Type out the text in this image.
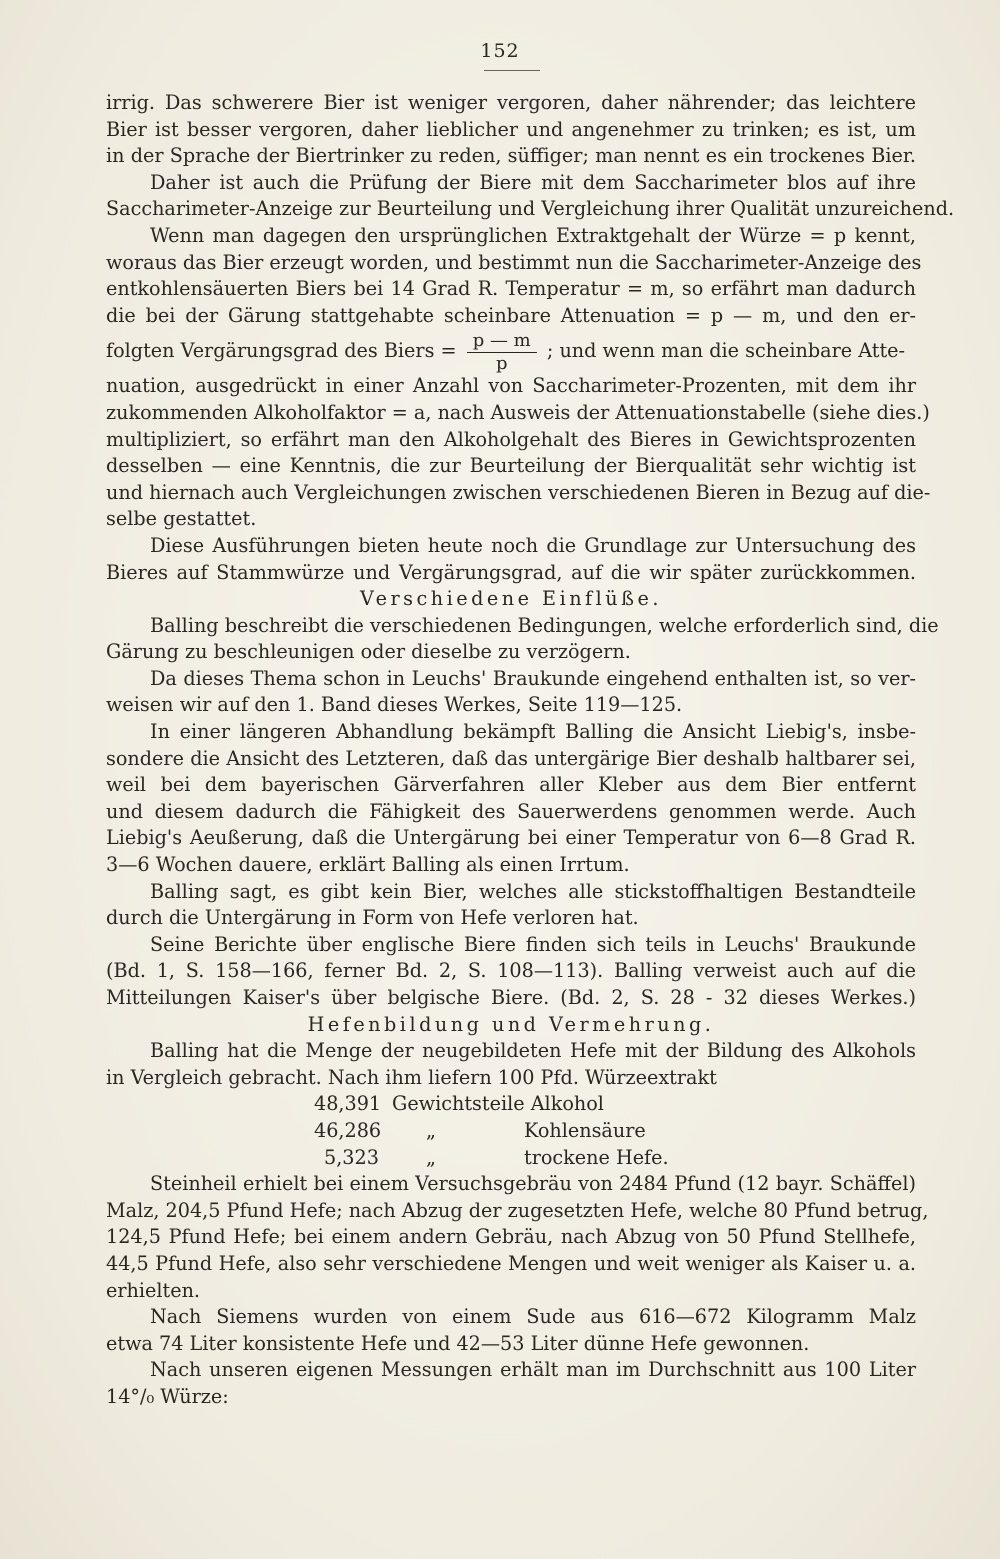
152
irrig. Das schwerere Bier ist weniger vergoren, daher nährender; das leichtere
Bier ist besser vergoren, daher lieblicher und angenehmer zu trinken; es ist, um
in der Sprache der Biertrinker zu reden, süffiger; man nennt es ein trockenes Bier.
Daher ist auch die Prüfung der Biere mit dem Saccharimeter blos auf ihre
Saccharimeter-Anzeige zur Beurteilung und Vergleichung ihrer Qualität unzureichend.
Wenn man dagegen den ursprünglichen Extraktgehalt der Würze = p kennt,
woraus das Bier erzeugt worden, und bestimmt nun die Saccharimeter-Anzeige des
entkohlensäuerten Biers bei 14 Grad R. Temperatur = m, so erfährt man dadurch
die bei der Gärung stattgehabte scheinbare Attenuation = p — m, und den er-
folgten Vergärungsgrad des Biers = $\frac{p — m}{p}$ ; und wenn man die scheinbare Atte-
nuation, ausgedrückt in einer Anzahl von Saccharimeter-Prozenten, mit dem ihr
zukommenden Alkoholfaktor = a, nach Ausweis der Attenuationstabelle (siehe dies.)
multipliziert, so erfährt man den Alkoholgehalt des Bieres in Gewichtsprozenten
desselben — eine Kenntnis, die zur Beurteilung der Bierqualität sehr wichtig ist
und hiernach auch Vergleichungen zwischen verschiedenen Bieren in Bezug auf die-
selbe gestattet.
Diese Ausführungen bieten heute noch die Grundlage zur Untersuchung des
Bieres auf Stammwürze und Vergärungsgrad, auf die wir später zurückkommen.
Verschiedene Einflüße.
Balling beschreibt die verschiedenen Bedingungen, welche erforderlich sind, die
Gärung zu beschleunigen oder dieselbe zu verzögern.
Da dieses Thema schon in Leuchs' Braukunde eingehend enthalten ist, so ver-
weisen wir auf den 1. Band dieses Werkes, Seite 119—125.
In einer längeren Abhandlung bekämpft Balling die Ansicht Liebig's, insbe-
sondere die Ansicht des Letzteren, daß das untergärige Bier deshalb haltbarer sei,
weil bei dem bayerischen Gärverfahren aller Kleber aus dem Bier entfernt
und diesem dadurch die Fähigkeit des Sauerwerdens genommen werde. Auch
Liebig's Aeußerung, daß die Untergärung bei einer Temperatur von 6—8 Grad R.
3—6 Wochen dauere, erklärt Balling als einen Irrtum.
Balling sagt, es gibt kein Bier, welches alle stickstoffhaltigen Bestandteile
durch die Untergärung in Form von Hefe verloren hat.
Seine Berichte über englische Biere finden sich teils in Leuchs' Braukunde
(Bd. 1, S. 158—166, ferner Bd. 2, S. 108—113). Balling verweist auch auf die
Mitteilungen Kaiser's über belgische Biere. (Bd. 2, S. 28 - 32 dieses Werkes.)
Hefenbildung und Vermehrung.
Balling hat die Menge der neugebildeten Hefe mit der Bildung des Alkohols
in Vergleich gebracht. Nach ihm liefern 100 Pfd. Würzeextrakt
48,391 Gewichtsteile Alkohol
46,286 „	Kohlensäure
5,323 „	trockene Hefe.
Steinheil erhielt bei einem Versuchsgebräu von 2484 Pfund (12 bayr. Schäffel)
Malz, 204,5 Pfund Hefe; nach Abzug der zugesetzten Hefe, welche 80 Pfund betrug,
124,5 Pfund Hefe; bei einem andern Gebräu, nach Abzug von 50 Pfund Stellhefe,
44,5 Pfund Hefe, also sehr verschiedene Mengen und weit weniger als Kaiser u. a.
erhielten.
Nach Siemens wurden von einem Sude aus 616—672 Kilogramm Malz
etwa 74 Liter konsistente Hefe und 42—53 Liter dünne Hefe gewonnen.
Nach unseren eigenen Messungen erhält man im Durchschnitt aus 100 Liter
14°/₀ Würze:
